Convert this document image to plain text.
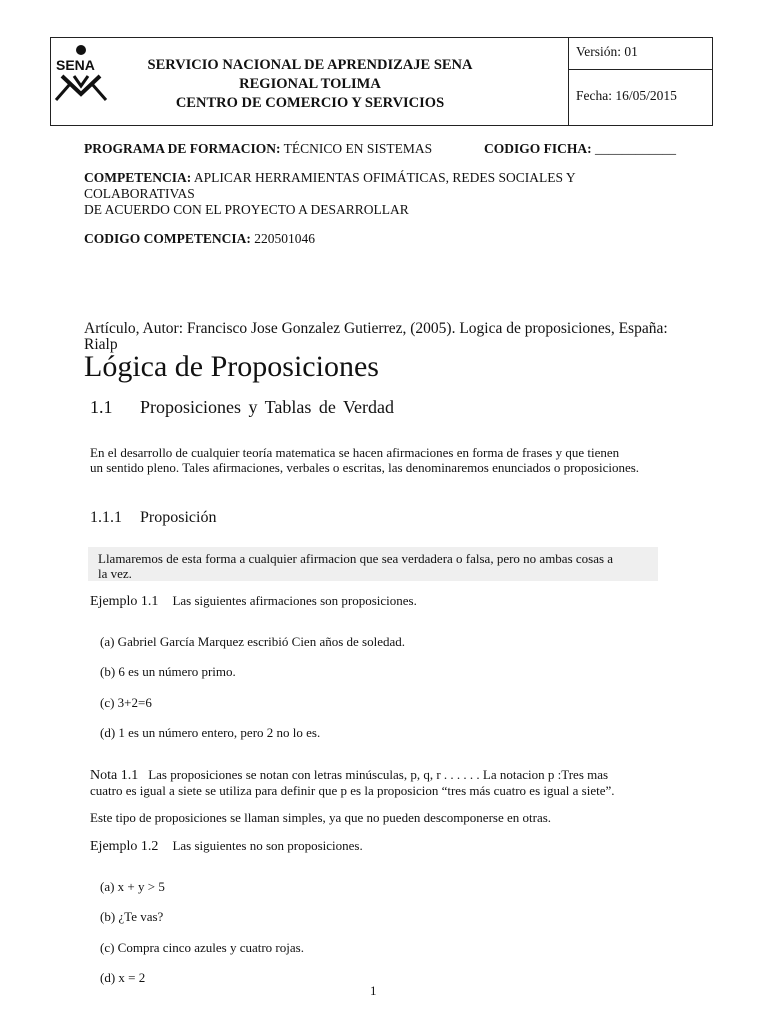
SENA	SERVICIO NACIONAL DE APRENDIZAJE SENA
REGIONAL TOLIMA
CENTRO DE COMERCIO Y SERVICIOS
Versión: 01
Fecha: 16/05/2015
PROGRAMA DE FORMACION: TÉCNICO EN SISTEMAS	CODIGO FICHA: ____________
COMPETENCIA: APLICAR HERRAMIENTAS OFIMÁTICAS, REDES SOCIALES Y COLABORATIVAS
DE ACUERDO CON EL PROYECTO A DESARROLLAR
CODIGO COMPETENCIA: 220501046
Artículo, Autor: Francisco Jose Gonzalez Gutierrez, (2005). Logica de proposiciones, España:
Rialp
Lógica de Proposiciones
1.1 Proposiciones y Tablas de Verdad
En el desarrollo de cualquier teoría matematica se hacen afirmaciones en forma de frases y que tienen
un sentido pleno. Tales afirmaciones, verbales o escritas, las denominaremos enunciados o proposiciones.
1.1.1 Proposición
Llamaremos de esta forma a cualquier afirmacion que sea verdadera o falsa, pero no ambas cosas a
la vez.
Ejemplo 1.1 Las siguientes afirmaciones son proposiciones.
(a) Gabriel García Marquez escribió Cien años de soledad.
(b) 6 es un número primo.
(c) 3+2=6
(d) 1 es un número entero, pero 2 no lo es.
Nota 1.1 Las proposiciones se notan con letras minúsculas, p, q, r . . . . . . La notacion p :Tres mas
cuatro es igual a siete se utiliza para definir que p es la proposicion “tres más cuatro es igual a siete”.
Este tipo de proposiciones se llaman simples, ya que no pueden descomponerse en otras.
Ejemplo 1.2 Las siguientes no son proposiciones.
(a) x + y > 5
(b) ¿Te vas?
(c) Compra cinco azules y cuatro rojas.
(d) x = 2
1
